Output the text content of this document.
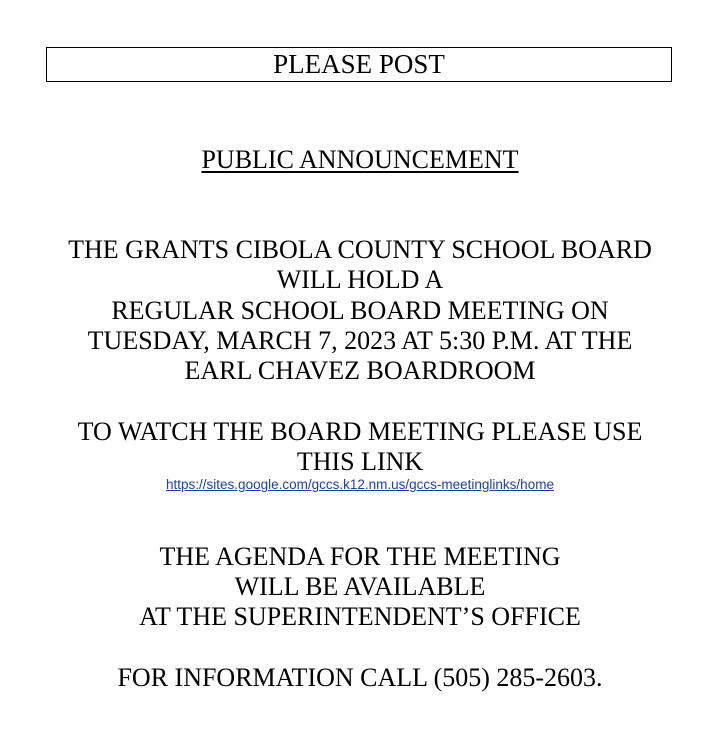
PLEASE POST
PUBLIC ANNOUNCEMENT
THE GRANTS CIBOLA COUNTY SCHOOL BOARD
WILL HOLD A
REGULAR SCHOOL BOARD MEETING ON
TUESDAY, MARCH 7, 2023 AT 5:30 P.M. AT THE
EARL CHAVEZ BOARDROOM
TO WATCH THE BOARD MEETING PLEASE USE
THIS LINK
https://sites.google.com/gccs.k12.nm.us/gccs-meetinglinks/home
THE AGENDA FOR THE MEETING
WILL BE AVAILABLE
AT THE SUPERINTENDENT’S OFFICE
FOR INFORMATION CALL (505) 285-2603.
